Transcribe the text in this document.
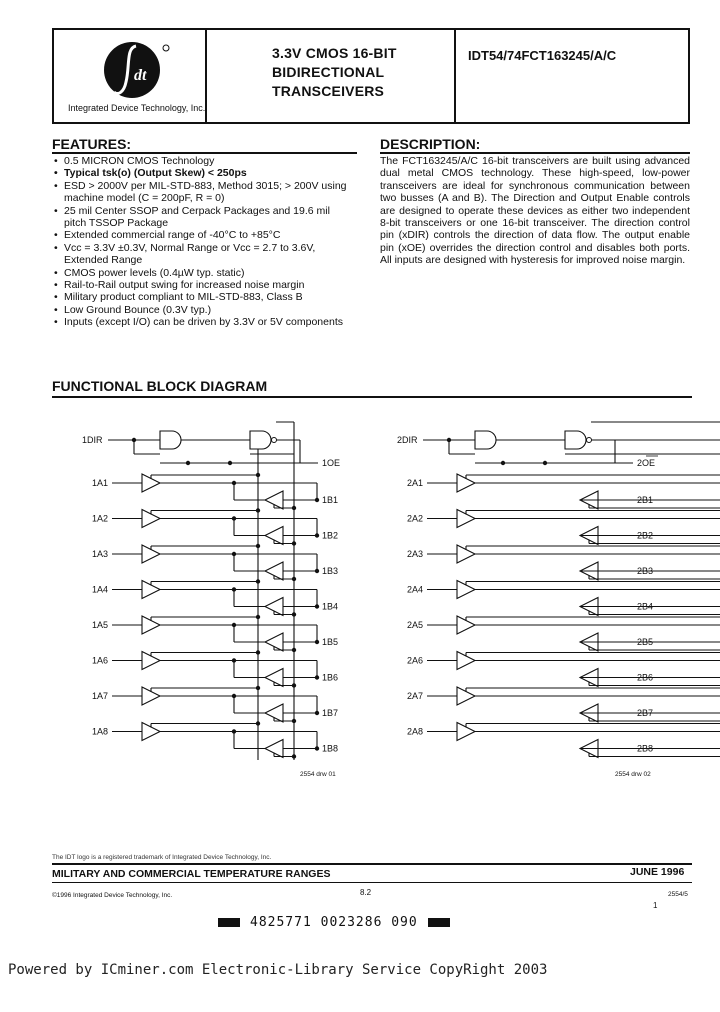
dt
Integrated Device Technology, Inc.
3.3V CMOS 16-BIT
BIDIRECTIONAL
TRANSCEIVERS
IDT54/74FCT163245/A/C
FEATURES:
• 0.5 MICRON CMOS Technology
• Typical tsk(o) (Output Skew) < 250ps
• ESD > 2000V per MIL-STD-883, Method 3015; > 200V using machine model (C = 200pF, R = 0)
• 25 mil Center SSOP and Cerpack Packages and 19.6 mil pitch TSSOP Package
• Extended commercial range of -40°C to +85°C
• Vcc = 3.3V ±0.3V, Normal Range or Vcc = 2.7 to 3.6V, Extended Range
• CMOS power levels (0.4µW typ. static)
• Rail-to-Rail output swing for increased noise margin
• Military product compliant to MIL-STD-883, Class B
• Low Ground Bounce (0.3V typ.)
• Inputs (except I/O) can be driven by 3.3V or 5V components
DESCRIPTION:
The FCT163245/A/C 16-bit transceivers are built using advanced dual metal CMOS technology. These high-speed, low-power transceivers are ideal for synchronous communication between two busses (A and B). The Direction and Output Enable controls are designed to operate these devices as either two independent 8-bit transceivers or one 16-bit transceiver. The direction control pin (xDIR) controls the direction of data flow. The output enable pin (xOE) overrides the direction control and disables both ports. All inputs are designed with hysteresis for improved noise margin.
FUNCTIONAL BLOCK DIAGRAM
1DIR
1OE
1A1
1B1
1A2
1B2
1A3
1B3
1A4
1B4
1A5
1B5
1A6
1B6
1A7
1B7
1A8
1B8
2554 drw 01
2DIR
2OE
2A1
2B1
2A2
2B2
2A3
2B3
2A4
2B4
2A5
2B5
2A6
2B6
2A7
2B7
2A8
2B8
2554 drw 02
The IDT logo is a registered trademark of Integrated Device Technology, Inc.
MILITARY AND COMMERCIAL TEMPERATURE RANGES	JUNE 1996
©1996 Integrated Device Technology, Inc.	8.2	2554/5
1
4825771 0023286 090
Powered by ICminer.com Electronic-Library Service CopyRight 2003
